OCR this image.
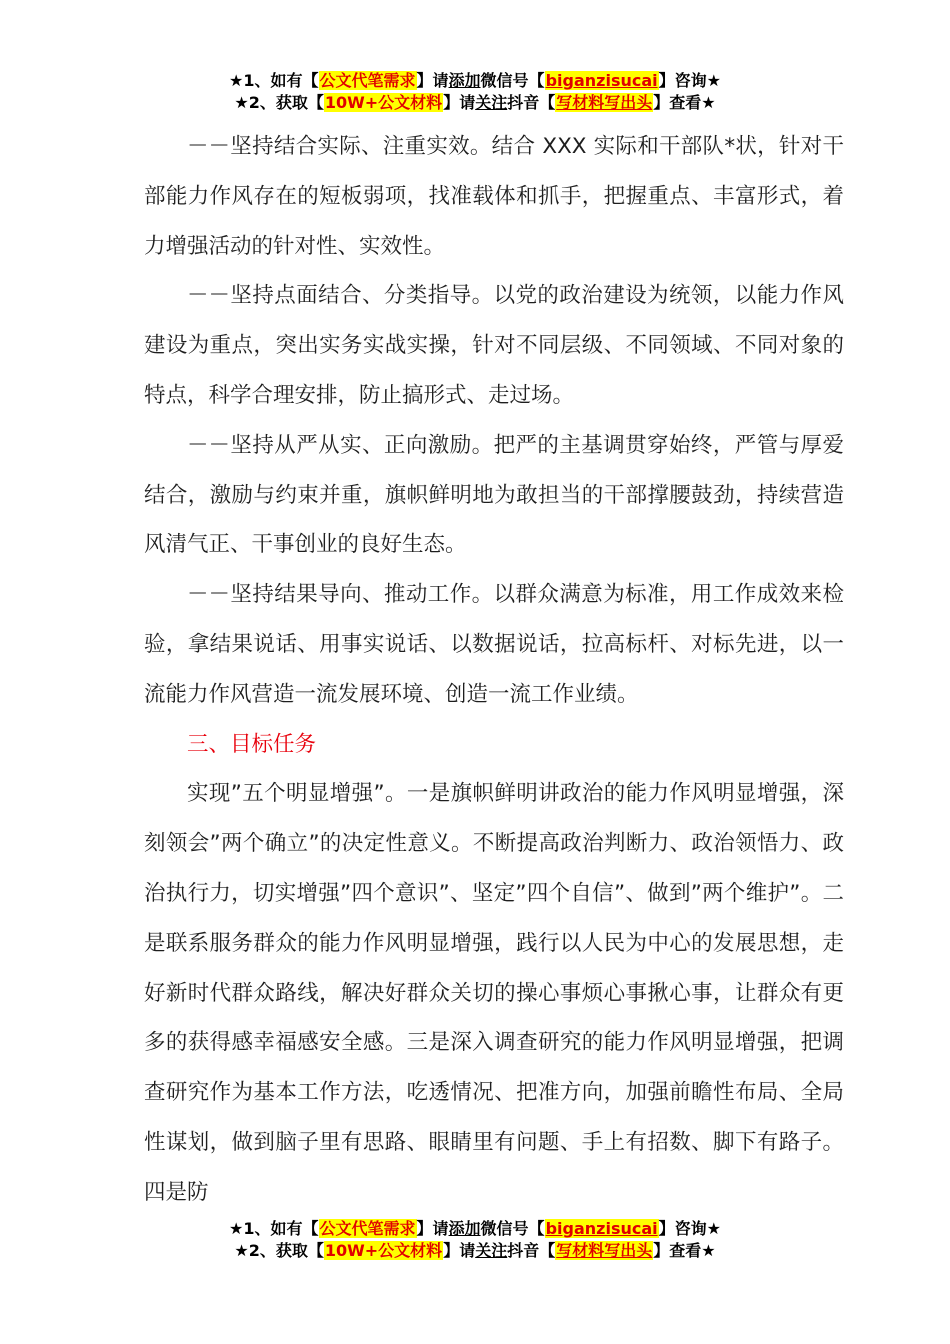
★1、如有【公文代笔需求】请添加微信号【biganzisucai】咨询★
★2、获取【10W+公文材料】请关注抖音【写材料写出头】查看★

－－坚持结合实际、注重实效。结合 XXX 实际和干部队*状，针对干部能力作风存在的短板弱项，找准载体和抓手，把握重点、丰富形式，着力增强活动的针对性、实效性。

－－坚持点面结合、分类指导。以党的政治建设为统领，以能力作风建设为重点，突出实务实战实操，针对不同层级、不同领域、不同对象的特点，科学合理安排，防止搞形式、走过场。

－－坚持从严从实、正向激励。把严的主基调贯穿始终，严管与厚爱结合，激励与约束并重，旗帜鲜明地为敢担当的干部撑腰鼓劲，持续营造风清气正、干事创业的良好生态。

－－坚持结果导向、推动工作。以群众满意为标准，用工作成效来检验，拿结果说话、用事实说话、以数据说话，拉高标杆、对标先进，以一流能力作风营造一流发展环境、创造一流工作业绩。

三、目标任务

实现”五个明显增强”。一是旗帜鲜明讲政治的能力作风明显增强，深刻领会”两个确立”的决定性意义。不断提高政治判断力、政治领悟力、政治执行力，切实增强”四个意识”、坚定”四个自信”、做到”两个维护”。二是联系服务群众的能力作风明显增强，践行以人民为中心的发展思想，走好新时代群众路线，解决好群众关切的操心事烦心事揪心事，让群众有更多的获得感幸福感安全感。三是深入调查研究的能力作风明显增强，把调查研究作为基本工作方法，吃透情况、把准方向，加强前瞻性布局、全局性谋划，做到脑子里有思路、眼睛里有问题、手上有招数、脚下有路子。四是防

★1、如有【公文代笔需求】请添加微信号【biganzisucai】咨询★
★2、获取【10W+公文材料】请关注抖音【写材料写出头】查看★
